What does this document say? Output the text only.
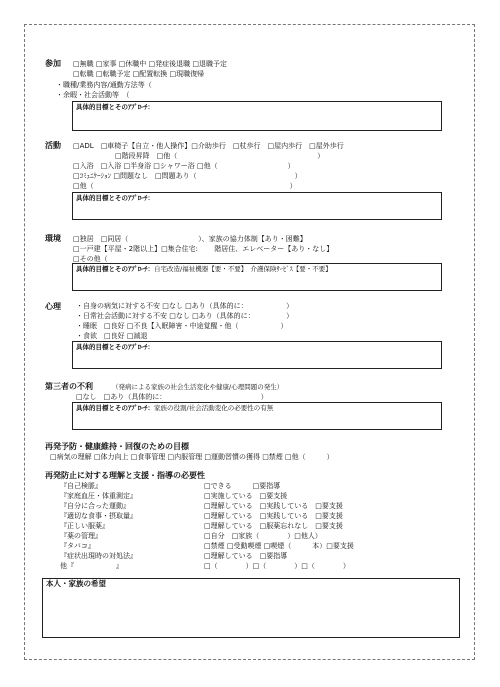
参加 □無職 □家事 □休職中 □発症後退職 □退職予定
□転職 □転職予定 □配置転換 □現職復帰
・職種/業務内容/通勤方法等（
・余暇・社会活動等　（
具体的目標とそのｱﾌﾟﾛｰﾁ：
活動 □ADL　□車椅子【自立・他人操作】□介助歩行　□杖歩行　□屋内歩行　□屋外歩行
□階段昇降　□他（　　　　　　　　　　　　　　　　　　　　）
□入浴　□入浴 □半身浴 □シャワー浴 □他（　　　　　　　　　　）
□ｺﾐｭﾆｹｰｼｮﾝ □問題なし　□問題あり（　　　　　　　　　　　　　　）
□他（　　　　　　　　　　　　　　　　　　　　　　　　　　　　）
具体的目標とそのｱﾌﾟﾛｰﾁ：
環境 □独居　□同居（　　　　　　　　　　）、家族の協力体制【あり・困難】
□一戸建【平屋・2階以上】□集合住宅:　　 階居住、エレベーター【あり・なし】
□その他（
具体的目標とそのｱﾌﾟﾛｰﾁ：自宅改造/福祉機器【要・不要】　介護保険ｻｰﾋﾞｽ【要・不要】
心理 ・自身の病気に対する不安 □なし □あり（具体的に：　　　　　　）
・日常社会活動に対する不安 □なし □あり（具体的に：　　　　　）
・睡眠　□良好 □不良【入眠障害・中途覚醒・他（　　　　　　）
・食欲　□良好 □減退
具体的目標とそのｱﾌﾟﾛｰﾁ：
第三者の不利	（発病による家族の社会生活変化や健康/心理問題の発生）
□なし　□あり（具体的に：　　　　　　　　　　　　　　）
具体的目標とそのｱﾌﾟﾛｰﾁ：家族の役割/社会活動変化の必要性の有無
再発予防・健康維持・回復のための目標
□病気の理解 □体力向上 □食事管理 □内服管理 □運動習慣の獲得 □禁煙 □他（　　　）
再発防止に対する理解と支援・指導の必要性
『自己検脈』	□できる　　　□要指導
『家庭血圧・体重測定』	□実施している　□要支援
『自分に合った運動』	□理解している　□実践している　□要支援
『適切な食事・摂取量』	□理解している　□実践している　□要支援
『正しい服薬』	□理解している　□服薬忘れなし　□要支援
『薬の管理』	□自分　□家族（　　　　）□他人）
『タバコ』	□禁煙 □受動喫煙 □喫煙（　　　本）□要支援
『症状出現時の対処法』	□理解している　□要指導
他『　　　　　　』	□（　　　　）□（　　　　）□（　　　　）
本人・家族の希望
